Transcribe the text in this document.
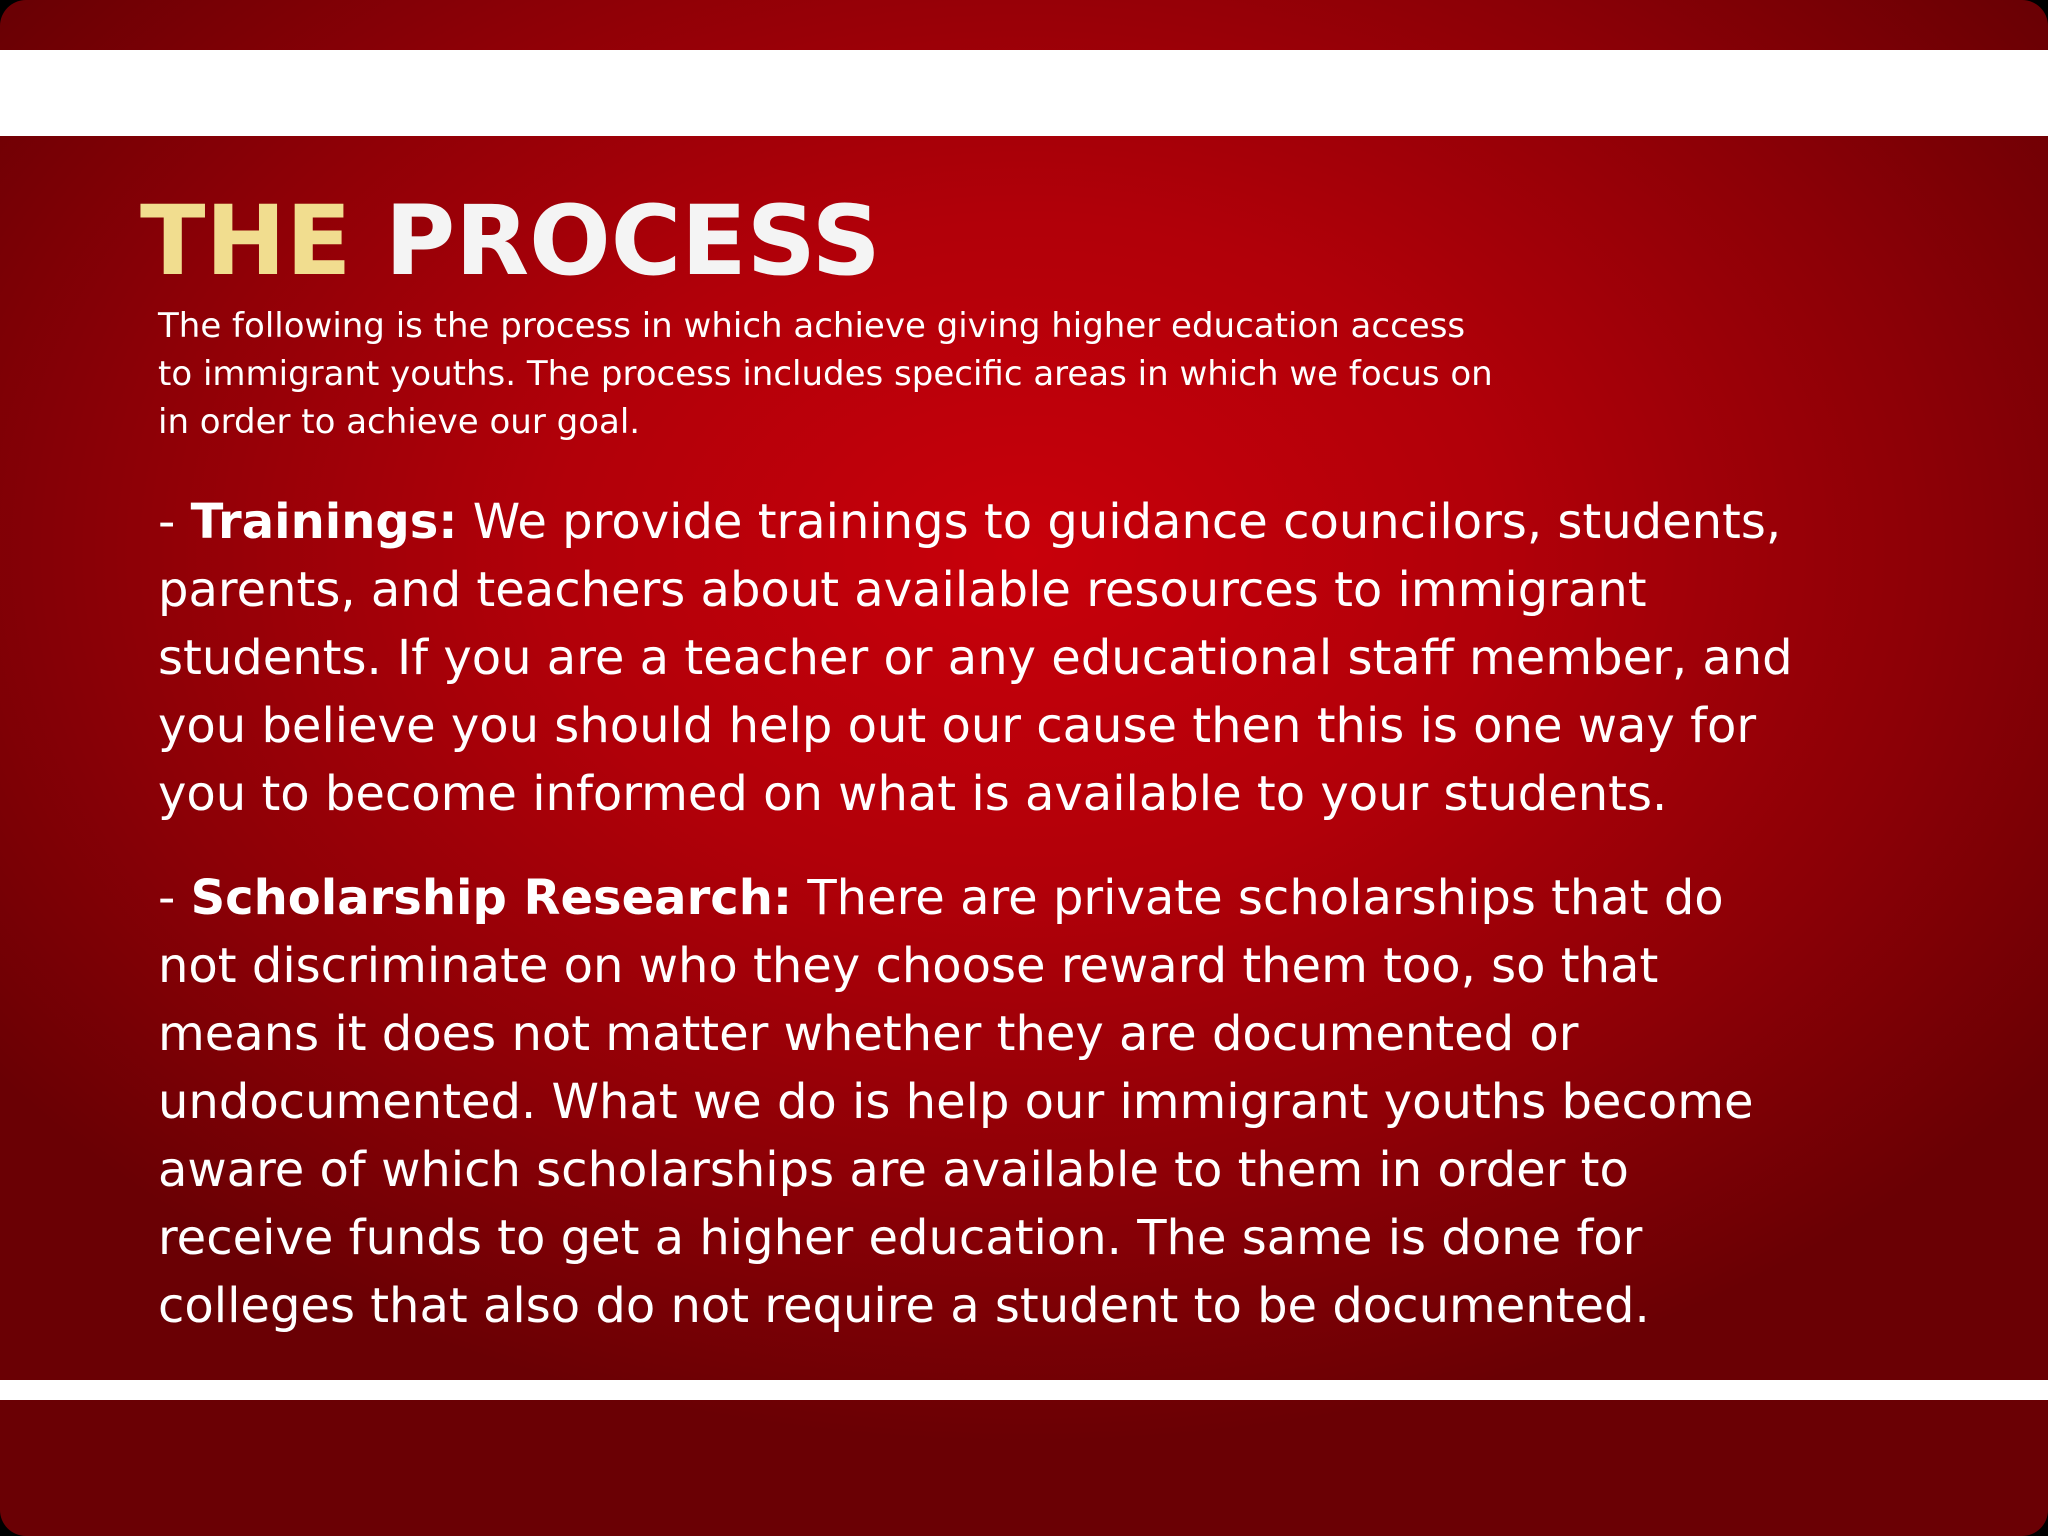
THE PROCESS

The following is the process in which achieve giving higher education access to immigrant youths. The process includes specific areas in which we focus on in order to achieve our goal.

- Trainings: We provide trainings to guidance councilors, students, parents, and teachers about available resources to immigrant students. If you are a teacher or any educational staff member, and you believe you should help out our cause then this is one way for you to become informed on what is available to your students.

- Scholarship Research: There are private scholarships that do not discriminate on who they choose reward them too, so that means it does not matter whether they are documented or undocumented. What we do is help our immigrant youths become aware of which scholarships are available to them in order to receive funds to get a higher education. The same is done for colleges that also do not require a student to be documented.
